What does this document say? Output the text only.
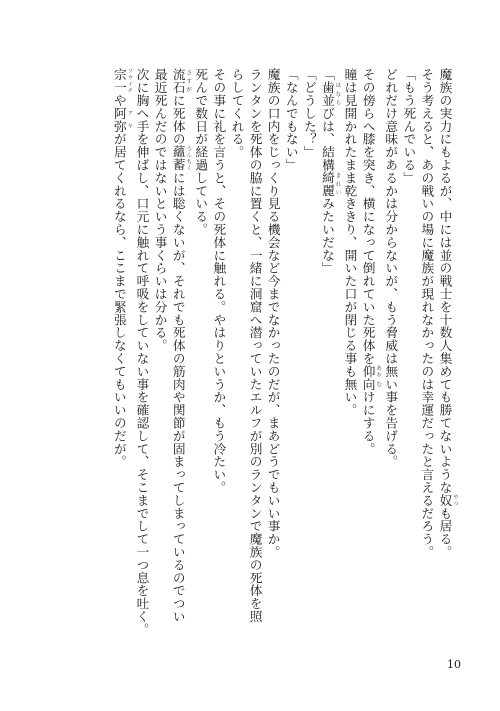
魔族の実力にもよるが、中には並の戦士を十数人集めても勝てないような奴 やつも居る。

そう考えると、あの戦いの場に魔族が現れなかったのは幸運だったと言えるだろう。

「もう死んでいる」

どれだけ意味があるかは分からないが、もう脅威は無い事を告げる。

その傍らへ膝を突き、横になって倒れていた死体を仰 あお向 むけにする。

瞳は見開かれたまま乾ききり、開いた口が閉じる事も無い。

「歯並 はならびは、結構綺麗 きれいみたいだな」

「どうした？」

「なんでもない」

魔族の口内をじっくり見る機会など今までなかったのだが、まあどうでもいい事か。

ランタンを死体の脇に置くと、一緒に洞窟へ潜っていたエルフが別のランタンで魔族の死体を照

らしてくれる。

その事に礼を言うと、その死体に触れる。やはりというか、もう冷たい。

死んで数日が経過している。

流石 さすがに死体の蘊蓄 うんちくには聡くないが、それでも死体の筋肉や関節が固まってしまっているのでつい

最近死んだのではないという事くらいは分かる。

次に胸へ手を伸ばし、口元に触れて呼吸をしていない事を確認して、そこまでして一つ息を吐く。

宗一 ソウイチや阿弥 アヤが居てくれるなら、ここまで緊張しなくてもいいのだが。

10
